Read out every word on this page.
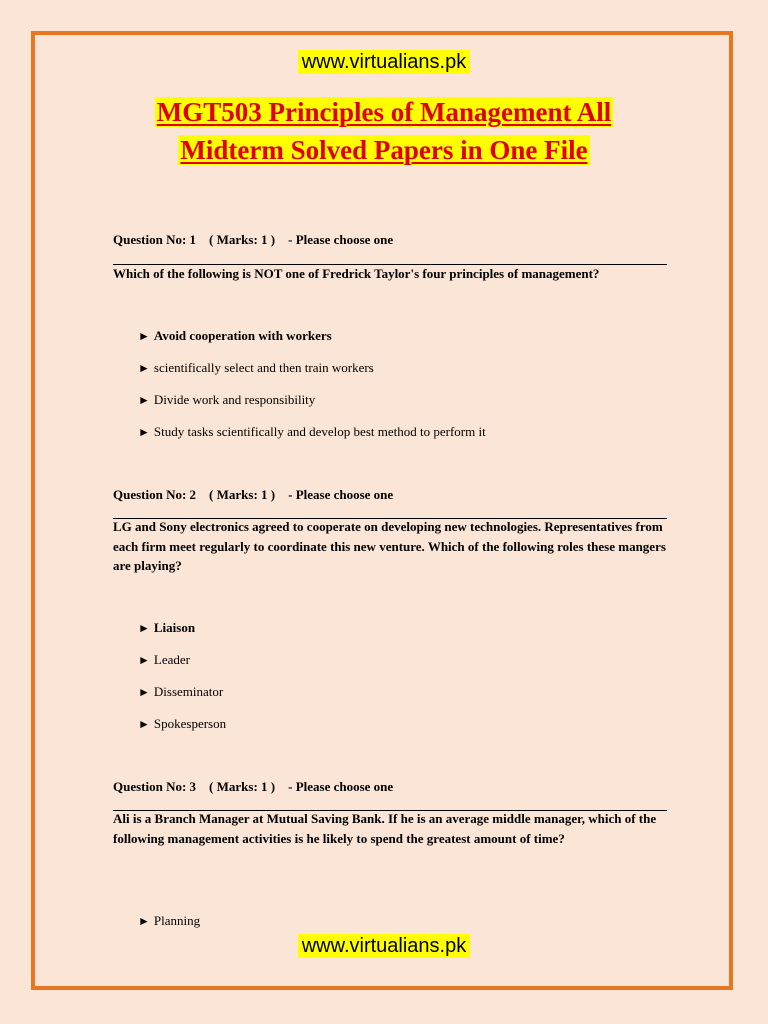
www.virtualians.pk
MGT503 Principles of Management All
Midterm Solved Papers in One File
Question No: 1    ( Marks: 1 )    - Please choose one
Which of the following is NOT one of Fredrick Taylor's four principles of management?
► Avoid cooperation with workers
► scientifically select and then train workers
► Divide work and responsibility
► Study tasks scientifically and develop best method to perform it
Question No: 2    ( Marks: 1 )    - Please choose one
LG and Sony electronics agreed to cooperate on developing new technologies. Representatives from each firm meet regularly to coordinate this new venture. Which of the following roles these mangers are playing?
► Liaison
► Leader
► Disseminator
► Spokesperson
Question No: 3    ( Marks: 1 )    - Please choose one
Ali is a Branch Manager at Mutual Saving Bank. If he is an average middle manager, which of the following management activities is he likely to spend the greatest amount of time?
► Planning
www.virtualians.pk
